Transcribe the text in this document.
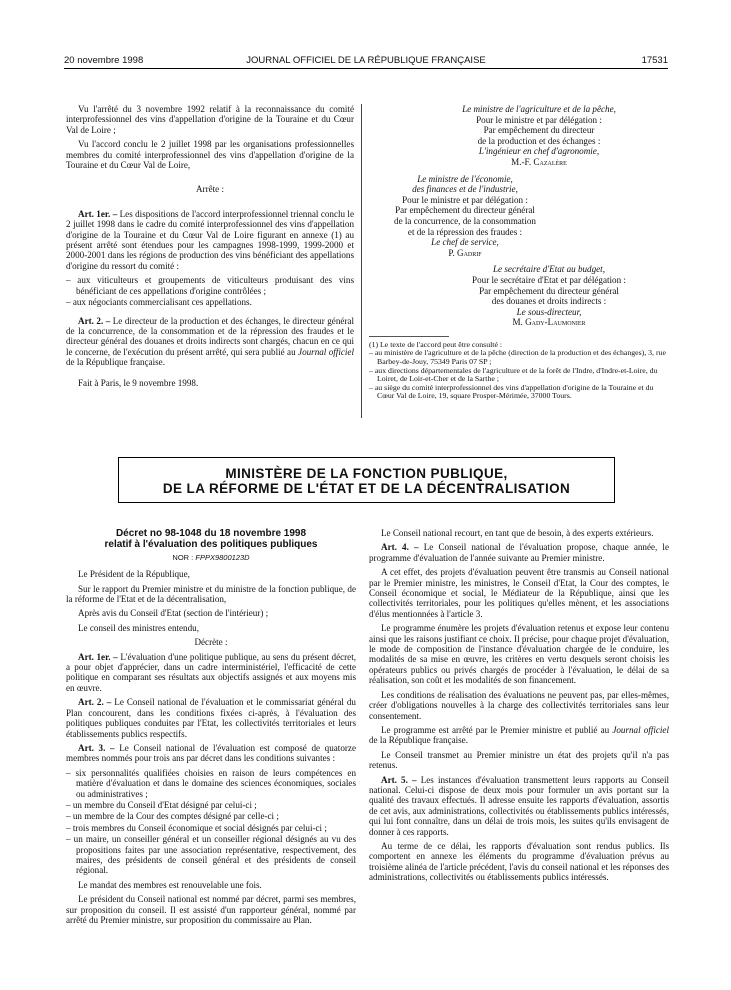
20 novembre 1998	JOURNAL OFFICIEL DE LA RÉPUBLIQUE FRANÇAISE	17531

Vu l'arrêté du 3 novembre 1992 relatif à la reconnaissance du comité interprofessionnel des vins d'appellation d'origine de la Touraine et du Cœur Val de Loire ;

Vu l'accord conclu le 2 juillet 1998 par les organisations professionnelles membres du comité interprofessionnel des vins d'appellation d'origine de la Touraine et du Cœur Val de Loire,

Arrête :

Art. 1er. – Les dispositions de l'accord interprofessionnel triennal conclu le 2 juillet 1998 dans le cadre du comité interprofessionnel des vins d'appellation d'origine de la Touraine et du Cœur Val de Loire figurant en annexe (1) au présent arrêté sont étendues pour les campagnes 1998-1999, 1999-2000 et 2000-2001 dans les régions de production des vins bénéficiant des appellations d'origine du ressort du comité :

– aux viticulteurs et groupements de viticulteurs produisant des vins bénéficiant de ces appellations d'origine contrôlées ;
– aux négociants commercialisant ces appellations.

Art. 2. – Le directeur de la production et des échanges, le directeur général de la concurrence, de la consommation et de la répression des fraudes et le directeur général des douanes et droits indirects sont chargés, chacun en ce qui le concerne, de l'exécution du présent arrêté, qui sera publié au Journal officiel de la République française.

Fait à Paris, le 9 novembre 1998.

Le ministre de l'agriculture et de la pêche,
Pour le ministre et par délégation :
Par empêchement du directeur
de la production et des échanges :
L'ingénieur en chef d'agronomie,
M.-F. Cazalère
Le ministre de l'économie,
des finances et de l'industrie,
Pour le ministre et par délégation :
Par empêchement du directeur général
de la concurrence, de la consommation
et de la répression des fraudes :
Le chef de service,
P. Gadrif
Le secrétaire d'Etat au budget,
Pour le secrétaire d'Etat et par délégation :
Par empêchement du directeur général
des douanes et droits indirects :
Le sous-directeur,
M. Gady-Laumonier

(1) Le texte de l'accord peut être consulté :

– au ministère de l'agriculture et de la pêche (direction de la production et des échanges), 3, rue Barbey-de-Jouy, 75349 Paris 07 SP ;
– aux directions départementales de l'agriculture et de la forêt de l'Indre, d'Indre-et-Loire, du Loiret, de Loir-et-Cher et de la Sarthe ;
– au siège du comité interprofessionnel des vins d'appellation d'origine de la Touraine et du Cœur Val de Loire, 19, square Prosper-Mérimée, 37000 Tours.
MINISTÈRE DE LA FONCTION PUBLIQUE,
DE LA RÉFORME DE L'ÉTAT ET DE LA DÉCENTRALISATION

Décret no 98-1048 du 18 novembre 1998
relatif à l'évaluation des politiques publiques

NOR : FPPX9800123D

Le Président de la République,

Sur le rapport du Premier ministre et du ministre de la fonction publique, de la réforme de l'Etat et de la décentralisation,

Après avis du Conseil d'Etat (section de l'intérieur) ;

Le conseil des ministres entendu,

Décrète :

Art. 1er. – L'évaluation d'une politique publique, au sens du présent décret, a pour objet d'apprécier, dans un cadre interministériel, l'efficacité de cette politique en comparant ses résultats aux objectifs assignés et aux moyens mis en œuvre.

Art. 2. – Le Conseil national de l'évaluation et le commissariat général du Plan concourent, dans les conditions fixées ci-après, à l'évaluation des politiques publiques conduites par l'Etat, les collectivités territoriales et leurs établissements publics respectifs.

Art. 3. – Le Conseil national de l'évaluation est composé de quatorze membres nommés pour trois ans par décret dans les conditions suivantes :

– six personnalités qualifiées choisies en raison de leurs compétences en matière d'évaluation et dans le domaine des sciences économiques, sociales ou administratives ;
– un membre du Conseil d'Etat désigné par celui-ci ;
– un membre de la Cour des comptes désigné par celle-ci ;
– trois membres du Conseil économique et social désignés par celui-ci ;
– un maire, un conseiller général et un conseiller régional désignés au vu des propositions faites par une association représentative, respectivement, des maires, des présidents de conseil général et des présidents de conseil régional.

Le mandat des membres est renouvelable une fois.

Le président du Conseil national est nommé par décret, parmi ses membres, sur proposition du conseil. Il est assisté d'un rapporteur général, nommé par arrêté du Premier ministre, sur proposition du commissaire au Plan.

Le Conseil national recourt, en tant que de besoin, à des experts extérieurs.

Art. 4. – Le Conseil national de l'évaluation propose, chaque année, le programme d'évaluation de l'année suivante au Premier ministre.

A cet effet, des projets d'évaluation peuvent être transmis au Conseil national par le Premier ministre, les ministres, le Conseil d'Etat, la Cour des comptes, le Conseil économique et social, le Médiateur de la République, ainsi que les collectivités territoriales, pour les politiques qu'elles mènent, et les associations d'élus mentionnées à l'article 3.

Le programme énumère les projets d'évaluation retenus et expose leur contenu ainsi que les raisons justifiant ce choix. Il précise, pour chaque projet d'évaluation, le mode de composition de l'instance d'évaluation chargée de le conduire, les modalités de sa mise en œuvre, les critères en vertu desquels seront choisis les opérateurs publics ou privés chargés de procéder à l'évaluation, le délai de sa réalisation, son coût et les modalités de son financement.

Les conditions de réalisation des évaluations ne peuvent pas, par elles-mêmes, créer d'obligations nouvelles à la charge des collectivités territoriales sans leur consentement.

Le programme est arrêté par le Premier ministre et publié au Journal officiel de la République française.

Le Conseil transmet au Premier ministre un état des projets qu'il n'a pas retenus.

Art. 5. – Les instances d'évaluation transmettent leurs rapports au Conseil national. Celui-ci dispose de deux mois pour formuler un avis portant sur la qualité des travaux effectués. Il adresse ensuite les rapports d'évaluation, assortis de cet avis, aux administrations, collectivités ou établissements publics intéressés, qui lui font connaître, dans un délai de trois mois, les suites qu'ils envisagent de donner à ces rapports.

Au terme de ce délai, les rapports d'évaluation sont rendus publics. Ils comportent en annexe les éléments du programme d'évaluation prévus au troisième alinéa de l'article précédent, l'avis du conseil national et les réponses des administrations, collectivités ou établissements publics intéressés.
